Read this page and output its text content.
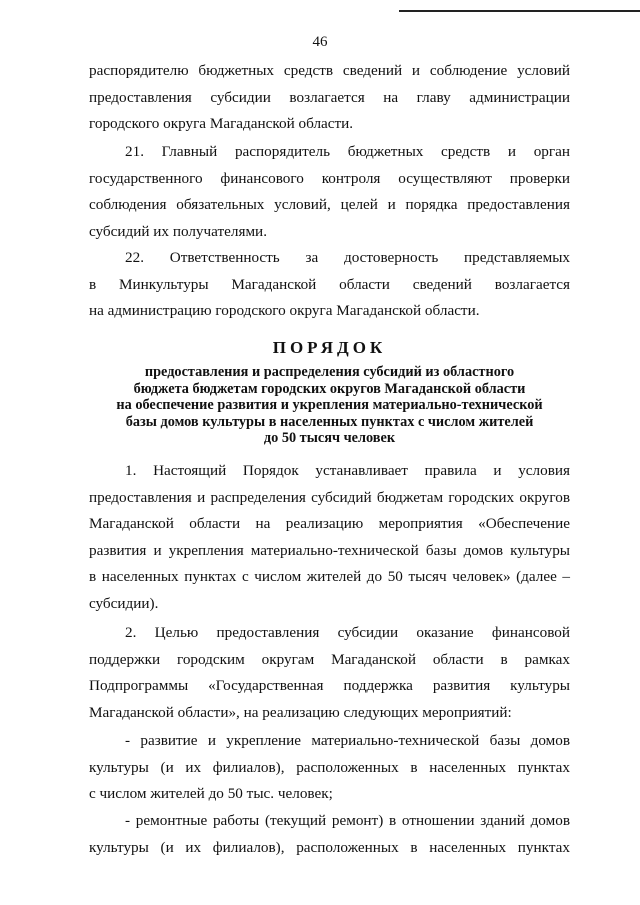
46

распорядителю бюджетных средств сведений и соблюдение условий

предоставления субсидии возлагается на главу администрации

городского округа Магаданской области.

21. Главный распорядитель бюджетных средств и орган

государственного финансового контроля осуществляют проверки

соблюдения обязательных условий, целей и порядка предоставления

субсидий их получателями.

22. Ответственность за достоверность представляемых

в Минкультуры Магаданской области сведений возлагается

на администрацию городского округа Магаданской области.

ПОРЯДОК
предоставления и распределения субсидий из областного
бюджета бюджетам городских округов Магаданской области
на обеспечение развития и укрепления материально-технической
базы домов культуры в населенных пунктах с числом жителей
до 50 тысяч человек

1. Настоящий Порядок устанавливает правила и условия

предоставления и распределения субсидий бюджетам городских округов

Магаданской области на реализацию мероприятия «Обеспечение

развития и укрепления материально-технической базы домов культуры

в населенных пунктах с числом жителей до 50 тысяч человек» (далее –

субсидии).

2. Целью предоставления субсидии оказание финансовой

поддержки городским округам Магаданской области в рамках

Подпрограммы «Государственная поддержка развития культуры

Магаданской области», на реализацию следующих мероприятий:

- развитие и укрепление материально-технической базы домов

культуры (и их филиалов), расположенных в населенных пунктах

с числом жителей до 50 тыс. человек;

- ремонтные работы (текущий ремонт) в отношении зданий домов

культуры (и их филиалов), расположенных в населенных пунктах
